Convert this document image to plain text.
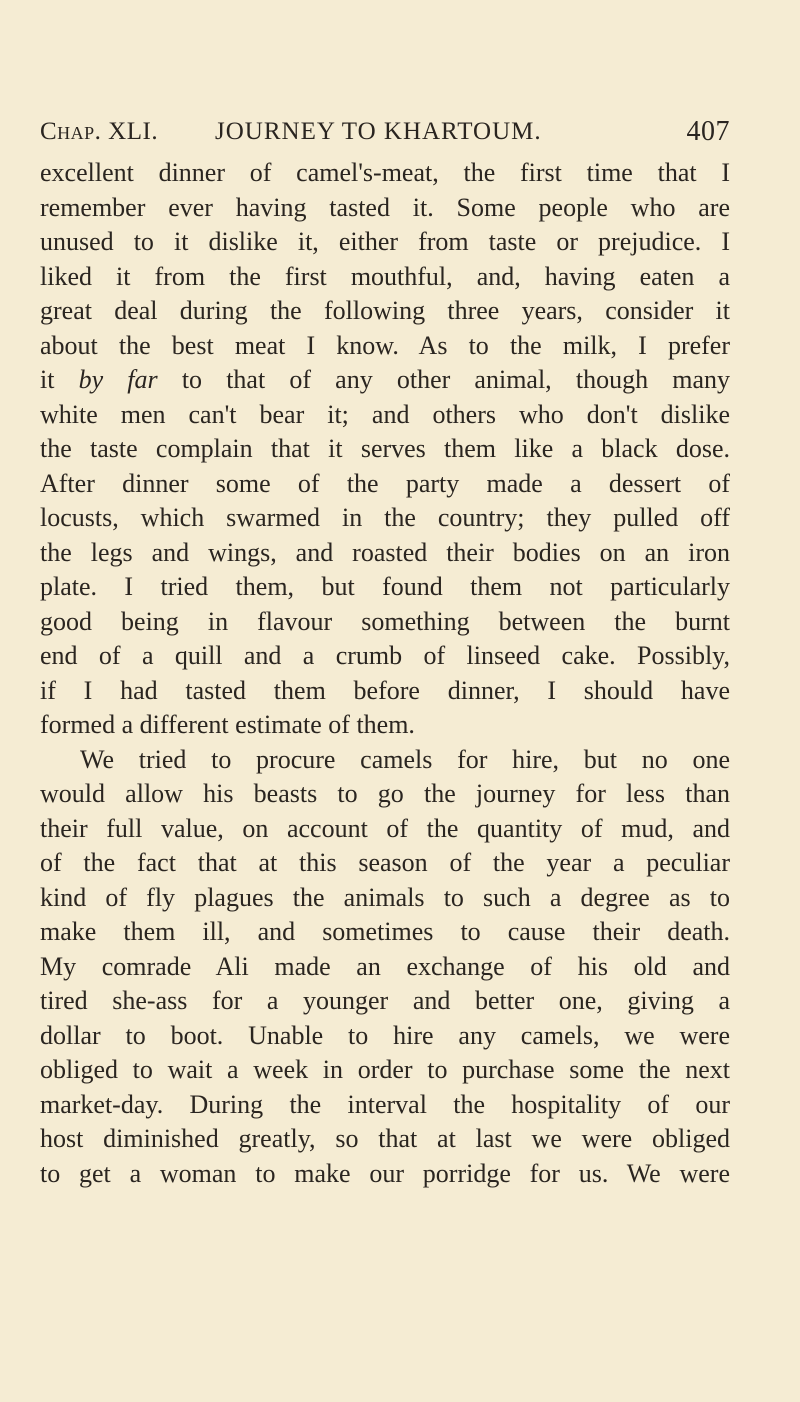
Chap. XLI. JOURNEY TO KHARTOUM.	407
excellent dinner of camel's-meat, the first time that I
remember ever having tasted it. Some people who are
unused to it dislike it, either from taste or prejudice. I
liked it from the first mouthful, and, having eaten a
great deal during the following three years, consider it
about the best meat I know. As to the milk, I prefer
it by far to that of any other animal, though many
white men can't bear it; and others who don't dislike
the taste complain that it serves them like a black dose.
After dinner some of the party made a dessert of
locusts, which swarmed in the country; they pulled off
the legs and wings, and roasted their bodies on an iron
plate. I tried them, but found them not particularly
good being in flavour something between the burnt
end of a quill and a crumb of linseed cake. Possibly,
if I had tasted them before dinner, I should have
formed a different estimate of them.
We tried to procure camels for hire, but no one
would allow his beasts to go the journey for less than
their full value, on account of the quantity of mud, and
of the fact that at this season of the year a peculiar
kind of fly plagues the animals to such a degree as to
make them ill, and sometimes to cause their death.
My comrade Ali made an exchange of his old and
tired she-ass for a younger and better one, giving a
dollar to boot. Unable to hire any camels, we were
obliged to wait a week in order to purchase some the next
market-day. During the interval the hospitality of our
host diminished greatly, so that at last we were obliged
to get a woman to make our porridge for us. We were
